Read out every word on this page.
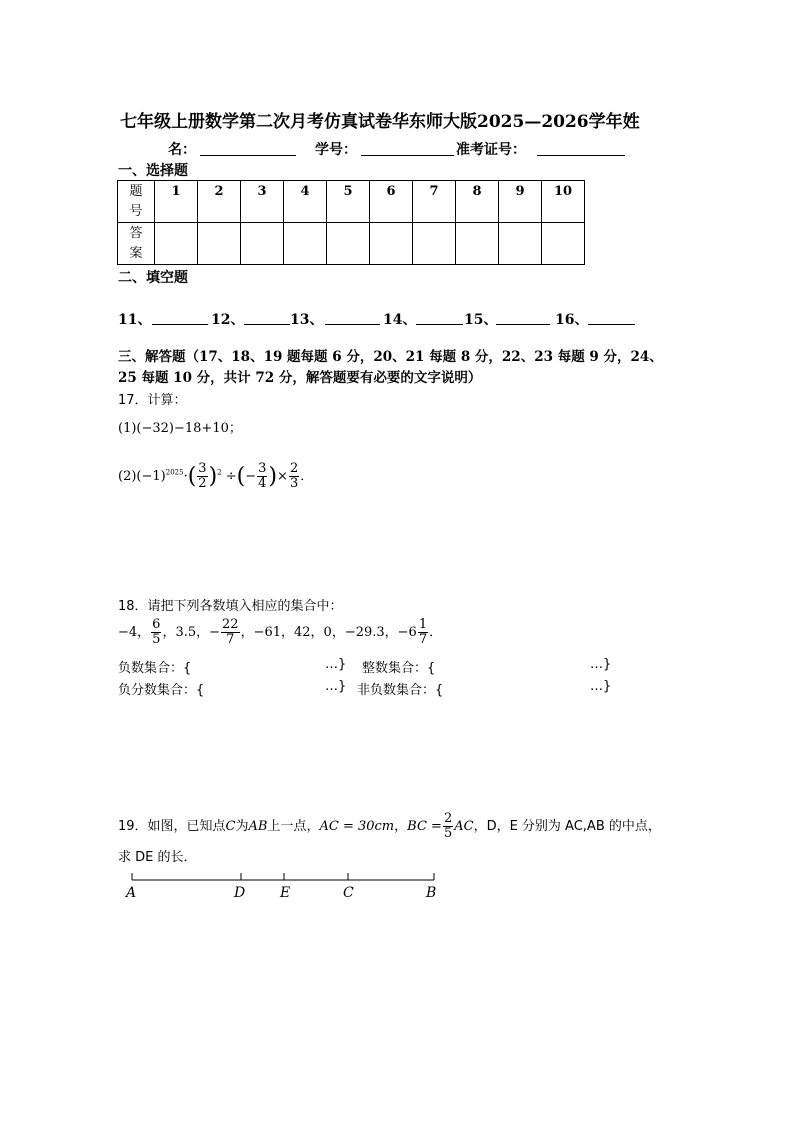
七年级上册数学第二次月考仿真试卷华东师大版2025—2026学年姓
名：	学号：	准考证号：
一、选择题
题
号	1	2	3	4	5	6	7	8	9	10
答
案										
二、填空题
11、	12、	13、	14、	15、	16、
三、解答题（17、18、19 题每题 6 分，20、21 每题 8 分，22、23 每题 9 分，24、
25 每题 10 分，共计 72 分，解答题要有必要的文字说明）
17．计算：
(1)(−32)−18+10；
$(2)(-1)^{2025}\cdot( \frac{3}{2} )^2$ ÷(− $\frac{3}{4}$ )× $\frac{2}{3}$ ．
18．请把下列各数填入相应的集合中：
−4， $\frac{6}{5}$ ，3.5，− $\frac{22}{7}$ ，−61，42，0，−29.3，$-6 \frac{1}{7}$ ．
负数集合：{	…} 整数集合：{	…}
负分数集合：{	…} 非负数集合：{	…}
19．如图，已知点C为AB上一点，AC = 30cm，BC = $\frac{2}{5}$ AC，D，E 分别为 AC,AB 的中点，
求 DE 的长．
A	D E	C	B
